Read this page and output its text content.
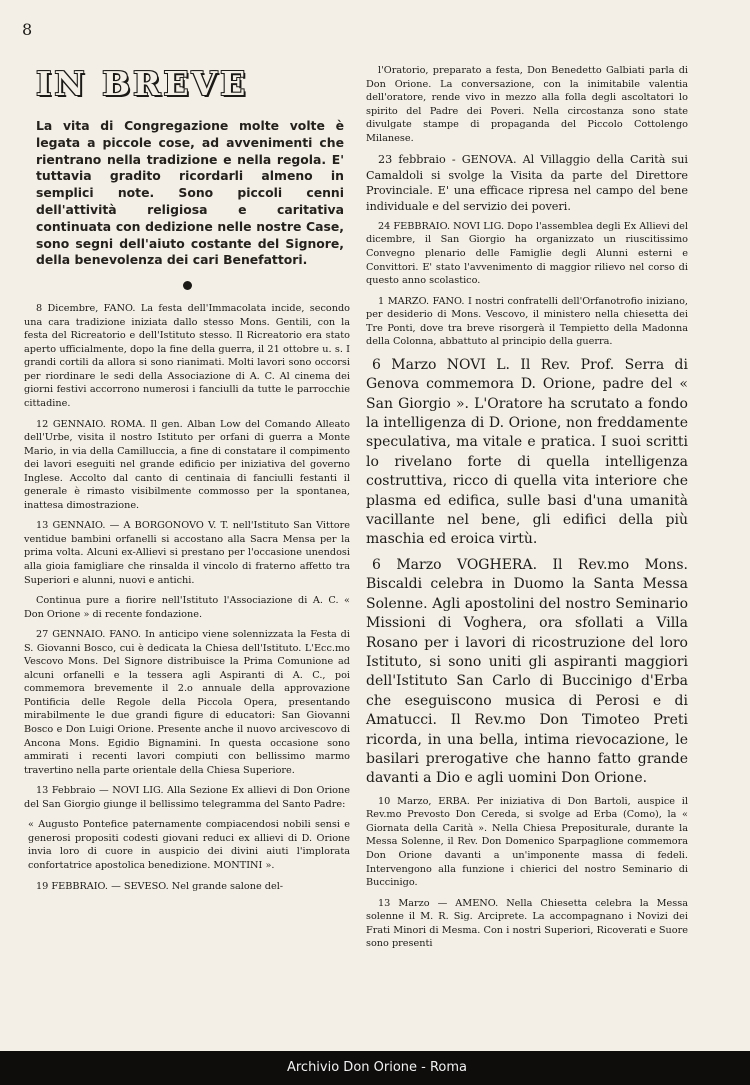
8
IN BREVE
La vita di Congregazione molte volte è legata a piccole cose, ad avvenimenti che rientrano nella tradizione e nella regola. E' tuttavia gradito ricordarli almeno in semplici note. Sono piccoli cenni dell'attività religiosa e caritativa continuata con dedizione nelle nostre Case, sono segni dell'aiuto costante del Signore, della benevolenza dei cari Benefattori.

8 Dicembre, FANO. La festa dell'Immacolata incide, secondo una cara tradizione iniziata dallo stesso Mons. Gentili, con la festa del Ricreatorio e dell'Istituto stesso. Il Ricreatorio era stato aperto ufficialmente, dopo la fine della guerra, il 21 ottobre u. s. I grandi cortili da allora si sono rianimati. Molti lavori sono occorsi per riordinare le sedi della Associazione di A. C. Al cinema dei giorni festivi accorrono numerosi i fanciulli da tutte le parrocchie cittadine.

12 GENNAIO. ROMA. Il gen. Alban Low del Comando Alleato dell'Urbe, visita il nostro Istituto per orfani di guerra a Monte Mario, in via della Camilluccia, a fine di constatare il compimento dei lavori eseguiti nel grande edificio per iniziativa del governo Inglese. Accolto dal canto di centinaia di fanciulli festanti il generale è rimasto visibilmente commosso per la spontanea, inattesa dimostrazione.

13 GENNAIO. — A BORGONOVO V. T. nell'Istituto San Vittore ventidue bambini orfanelli si accostano alla Sacra Mensa per la prima volta. Alcuni ex-Allievi si prestano per l'occasione unendosi alla gioia famigliare che rinsalda il vincolo di fraterno affetto tra Superiori e alunni, nuovi e antichi.

Continua pure a fiorire nell'Istituto l'Associazione di A. C. « Don Orione » di recente fondazione.

27 GENNAIO. FANO. In anticipo viene solennizzata la Festa di S. Giovanni Bosco, cui è dedicata la Chiesa dell'Istituto. L'Ecc.mo Vescovo Mons. Del Signore distribuisce la Prima Comunione ad alcuni orfanelli e la tessera agli Aspiranti di A. C., poi commemora brevemente il 2.o annuale della approvazione Pontificia delle Regole della Piccola Opera, presentando mirabilmente le due grandi figure di educatori: San Giovanni Bosco e Don Luigi Orione. Presente anche il nuovo arcivescovo di Ancona Mons. Egidio Bignamini. In questa occasione sono ammirati i recenti lavori compiuti con bellissimo marmo travertino nella parte orientale della Chiesa Superiore.

13 Febbraio — NOVI LIG. Alla Sezione Ex allievi di Don Orione del San Giorgio giunge il bellissimo telegramma del Santo Padre:

« Augusto Pontefice paternamente compiacendosi nobili sensi e generosi propositi codesti giovani reduci ex allievi di D. Orione invia loro di cuore in auspicio dei divini aiuti l'implorata confortatrice apostolica benedizione. MONTINI ».

19 FEBBRAIO. — SEVESO. Nel grande salone del-

l'Oratorio, preparato a festa, Don Benedetto Galbiati parla di Don Orione. La conversazione, con la inimitabile valentia dell'oratore, rende vivo in mezzo alla folla degli ascoltatori lo spirito del Padre dei Poveri. Nella circostanza sono state divulgate stampe di propaganda del Piccolo Cottolengo Milanese.

23 febbraio - GENOVA. Al Villaggio della Carità sui Camaldoli si svolge la Visita da parte del Direttore Provinciale. E' una efficace ripresa nel campo del bene individuale e del servizio dei poveri.

24 FEBBRAIO. NOVI LIG. Dopo l'assemblea degli Ex Allievi del dicembre, il San Giorgio ha organizzato un riuscitissimo Convegno plenario delle Famiglie degli Alunni esterni e Convittori. E' stato l'avvenimento di maggior rilievo nel corso di questo anno scolastico.

1 MARZO. FANO. I nostri confratelli dell'Orfanotrofio iniziano, per desiderio di Mons. Vescovo, il ministero nella chiesetta dei Tre Ponti, dove tra breve risorgerà il Tempietto della Madonna della Colonna, abbattuto al principio della guerra.

6 Marzo NOVI L. Il Rev. Prof. Serra di Genova commemora D. Orione, padre del « San Giorgio ». L'Oratore ha scrutato a fondo la intelligenza di D. Orione, non freddamente speculativa, ma vitale e pratica. I suoi scritti lo rivelano forte di quella intelligenza costruttiva, ricco di quella vita interiore che plasma ed edifica, sulle basi d'una umanità vacillante nel bene, gli edifici della più maschia ed eroica virtù.

6 Marzo VOGHERA. Il Rev.mo Mons. Biscaldi celebra in Duomo la Santa Messa Solenne. Agli apostolini del nostro Seminario Missioni di Voghera, ora sfollati a Villa Rosano per i lavori di ricostruzione del loro Istituto, si sono uniti gli aspiranti maggiori dell'Istituto San Carlo di Buccinigo d'Erba che eseguiscono musica di Perosi e di Amatucci. Il Rev.mo Don Timoteo Preti ricorda, in una bella, intima rievocazione, le basilari prerogative che hanno fatto grande davanti a Dio e agli uomini Don Orione.

10 Marzo, ERBA. Per iniziativa di Don Bartoli, auspice il Rev.mo Prevosto Don Cereda, si svolge ad Erba (Como), la « Giornata della Carità ». Nella Chiesa Prepositurale, durante la Messa Solenne, il Rev. Don Domenico Sparpaglione commemora Don Orione davanti a un'imponente massa di fedeli. Intervengono alla funzione i chierici del nostro Seminario di Buccinigo.

13 Marzo — AMENO. Nella Chiesetta celebra la Messa solenne il M. R. Sig. Arciprete. La accompagnano i Novizi dei Frati Minori di Mesma. Con i nostri Superiori, Ricoverati e Suore sono presenti

Archivio Don Orione - Roma
